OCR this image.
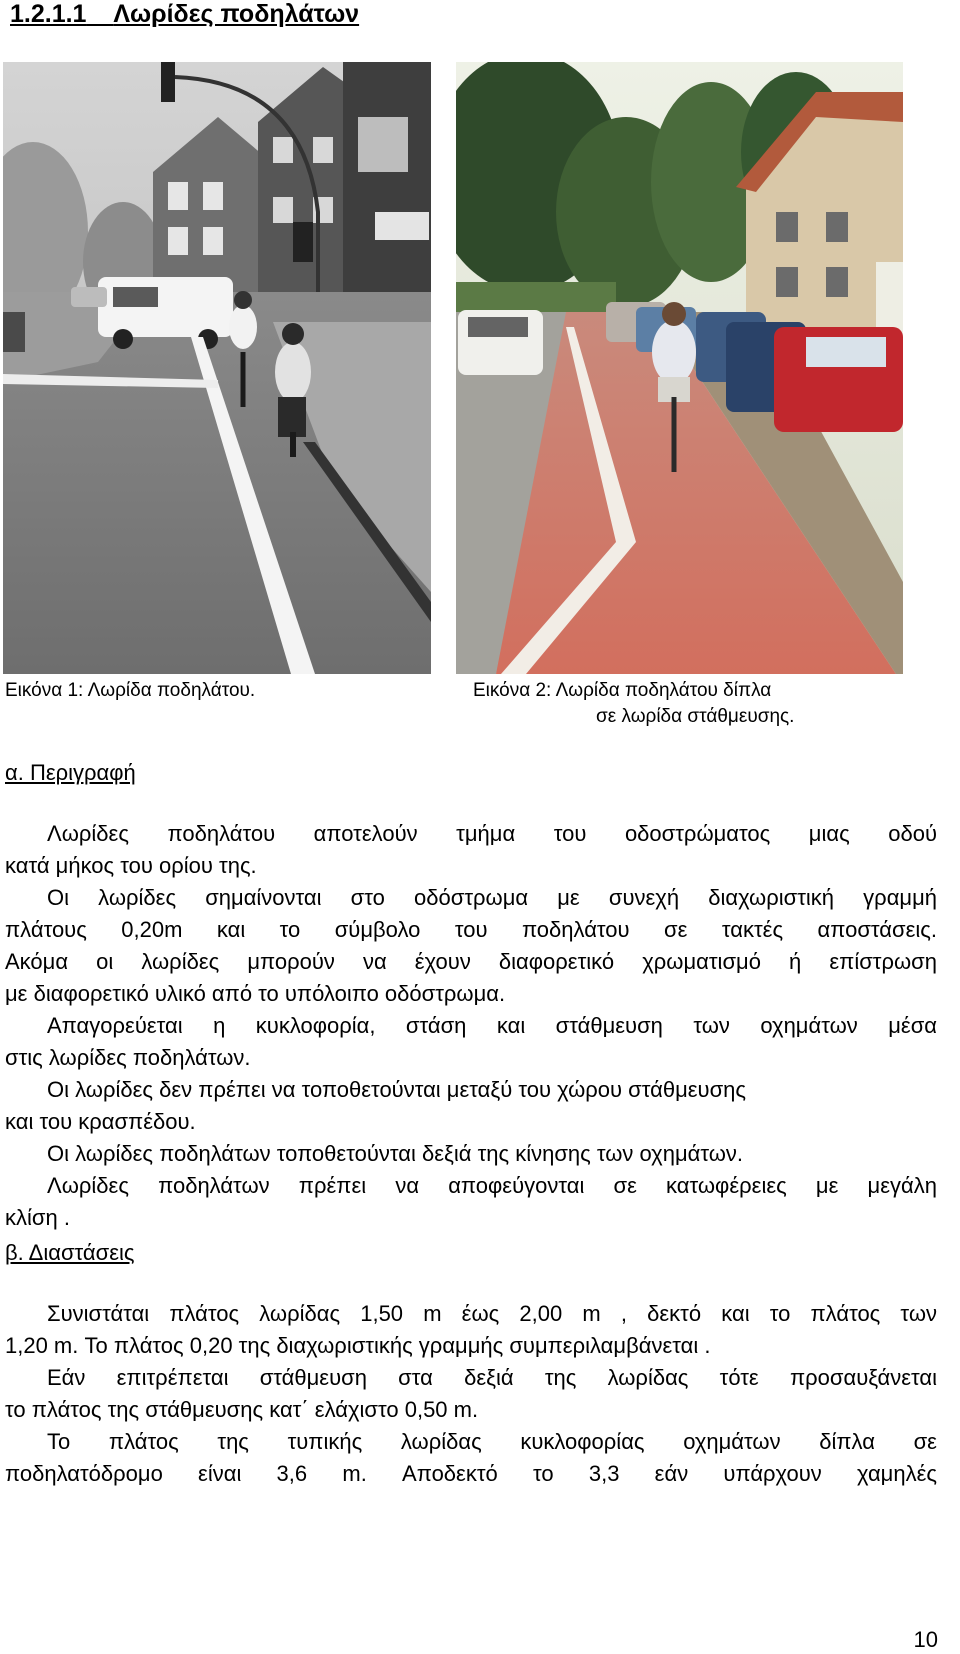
1.2.1.1 Λωρίδες ποδηλάτων
Εικόνα 1: Λωρίδα ποδηλάτου.	Εικόνα 2: Λωρίδα ποδηλάτου δίπλα
σε λωρίδα στάθμευσης.
α. Περιγραφή
Λωρίδες ποδηλάτου αποτελούν τμήμα του οδοστρώματος μιας οδού
κατά μήκος του ορίου της.
Οι λωρίδες σημαίνονται στο οδόστρωμα με συνεχή διαχωριστική γραμμή
πλάτους 0,20m και το σύμβολο του ποδηλάτου σε τακτές αποστάσεις.
Ακόμα οι λωρίδες μπορούν να έχουν διαφορετικό χρωματισμό ή επίστρωση
με διαφορετικό υλικό από το υπόλοιπο οδόστρωμα.
Απαγορεύεται η κυκλοφορία, στάση και στάθμευση των οχημάτων μέσα
στις λωρίδες ποδηλάτων.
Οι λωρίδες δεν πρέπει να τοποθετούνται μεταξύ του χώρου στάθμευσης
και του κρασπέδου.
Οι λωρίδες ποδηλάτων τοποθετούνται δεξιά της κίνησης των οχημάτων.
Λωρίδες ποδηλάτων πρέπει να αποφεύγονται σε κατωφέρειες με μεγάλη
κλίση .
β. Διαστάσεις
Συνιστάται πλάτος λωρίδας 1,50 m έως 2,00 m , δεκτό και το πλάτος των
1,20 m. Το πλάτος 0,20 της διαχωριστικής γραμμής συμπεριλαμβάνεται .
Εάν επιτρέπεται στάθμευση στα δεξιά της λωρίδας τότε προσαυξάνεται
το πλάτος της στάθμευσης κατ΄ ελάχιστο 0,50 m.
Το πλάτος της τυπικής λωρίδας κυκλοφορίας οχημάτων δίπλα σε
ποδηλατόδρομο είναι 3,6 m. Αποδεκτό το 3,3 εάν υπάρχουν χαμηλές
10
